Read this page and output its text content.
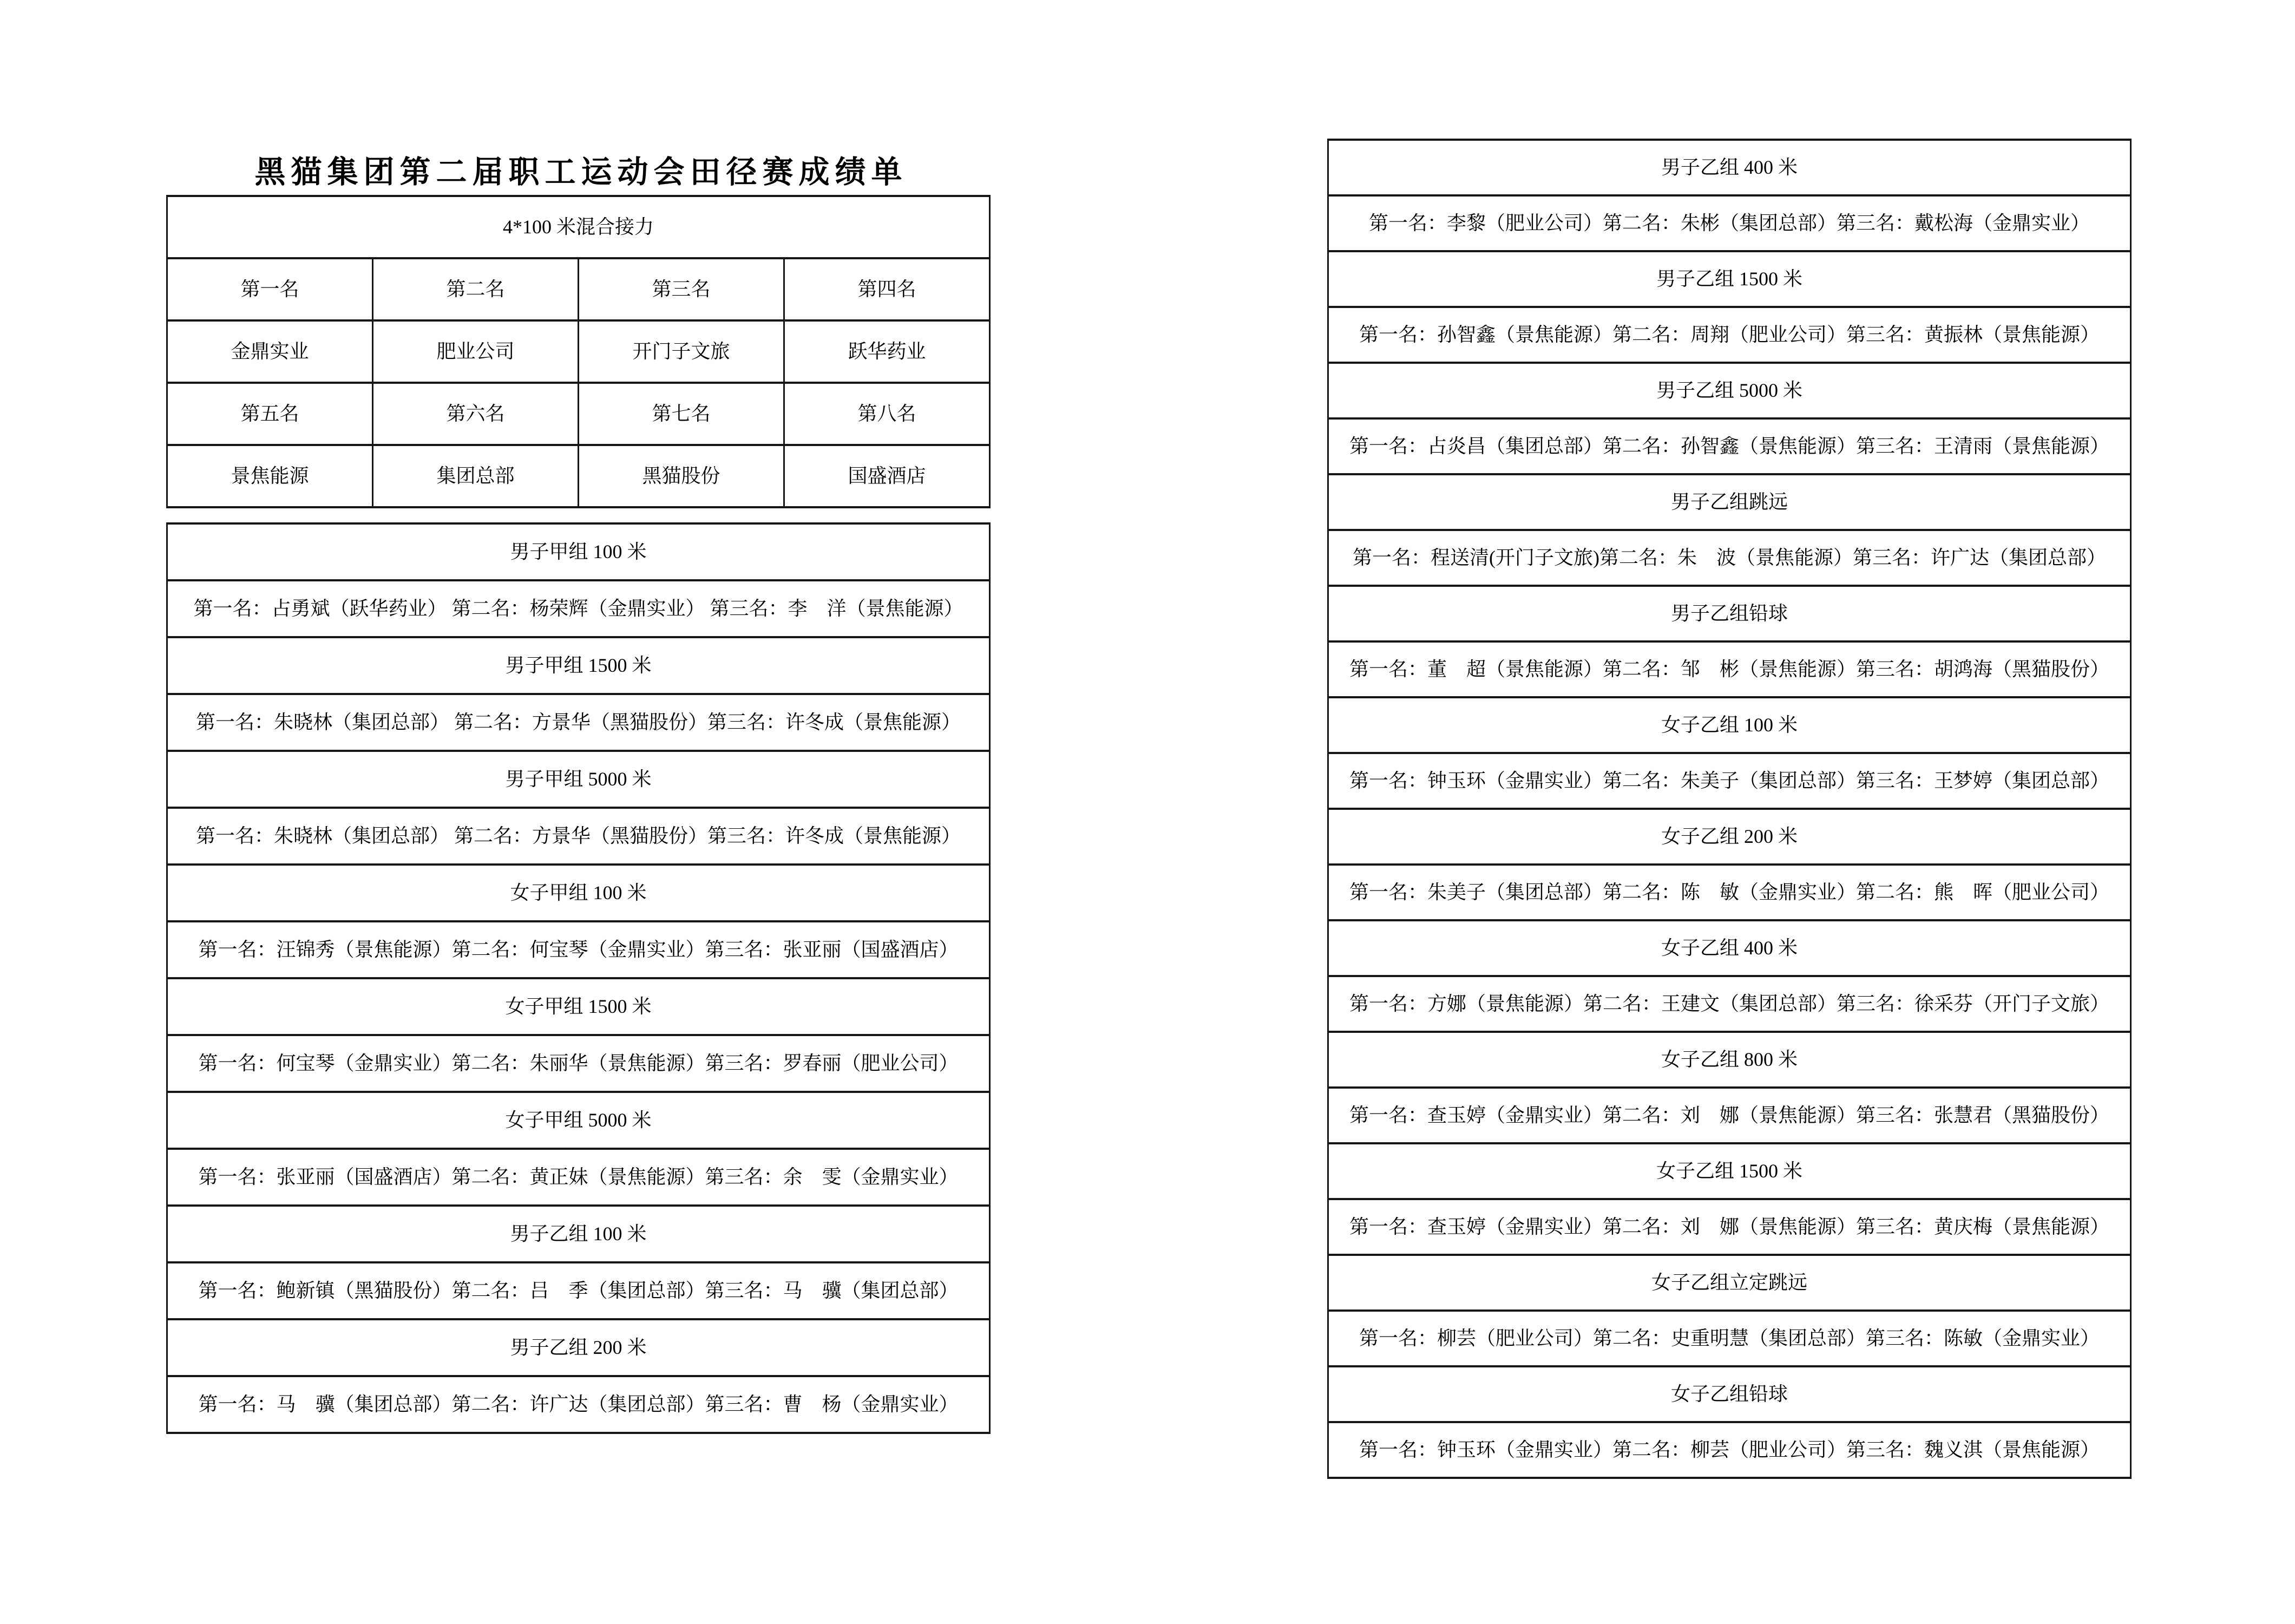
黑猫集团第二届职工运动会田径赛成绩单
4*100 米混合接力			
第一名	第二名	第三名	第四名
金鼎实业	肥业公司	开门子文旅	跃华药业
第五名	第六名	第七名	第八名
景焦能源	集团总部	黑猫股份	国盛酒店
男子甲组 100 米
第一名：占勇斌（跃华药业） 第二名：杨荣辉（金鼎实业） 第三名：李　洋（景焦能源）
男子甲组 1500 米
第一名：朱晓林（集团总部） 第二名：方景华（黑猫股份）第三名：许冬成（景焦能源）
男子甲组 5000 米
第一名：朱晓林（集团总部） 第二名：方景华（黑猫股份）第三名：许冬成（景焦能源）
女子甲组 100 米
第一名：汪锦秀（景焦能源）第二名：何宝琴（金鼎实业）第三名：张亚丽（国盛酒店）
女子甲组 1500 米
第一名：何宝琴（金鼎实业）第二名：朱丽华（景焦能源）第三名：罗春丽（肥业公司）
女子甲组 5000 米
第一名：张亚丽（国盛酒店）第二名：黄正妹（景焦能源）第三名：余　雯（金鼎实业）
男子乙组 100 米
第一名：鲍新镇（黑猫股份）第二名：吕　季（集团总部）第三名：马　骥（集团总部）
男子乙组 200 米
第一名：马　骥（集团总部）第二名：许广达（集团总部）第三名：曹　杨（金鼎实业）
男子乙组 400 米
第一名：李黎（肥业公司）第二名：朱彬（集团总部）第三名：戴松海（金鼎实业）
男子乙组 1500 米
第一名：孙智鑫（景焦能源）第二名：周翔（肥业公司）第三名：黄振林（景焦能源）
男子乙组 5000 米
第一名：占炎昌（集团总部）第二名：孙智鑫（景焦能源）第三名：王清雨（景焦能源）
男子乙组跳远
第一名：程送清(开门子文旅)第二名：朱　波（景焦能源）第三名：许广达（集团总部）
男子乙组铅球
第一名：董　超（景焦能源）第二名：邹　彬（景焦能源）第三名：胡鸿海（黑猫股份）
女子乙组 100 米
第一名：钟玉环（金鼎实业）第二名：朱美子（集团总部）第三名：王梦婷（集团总部）
女子乙组 200 米
第一名：朱美子（集团总部）第二名：陈　敏（金鼎实业）第二名：熊　晖（肥业公司）
女子乙组 400 米
第一名：方娜（景焦能源）第二名：王建文（集团总部）第三名：徐采芬（开门子文旅）
女子乙组 800 米
第一名：查玉婷（金鼎实业）第二名：刘　娜（景焦能源）第三名：张慧君（黑猫股份）
女子乙组 1500 米
第一名：查玉婷（金鼎实业）第二名：刘　娜（景焦能源）第三名：黄庆梅（景焦能源）
女子乙组立定跳远
第一名：柳芸（肥业公司）第二名：史重明慧（集团总部）第三名：陈敏（金鼎实业）
女子乙组铅球
第一名：钟玉环（金鼎实业）第二名：柳芸（肥业公司）第三名：魏义淇（景焦能源）
